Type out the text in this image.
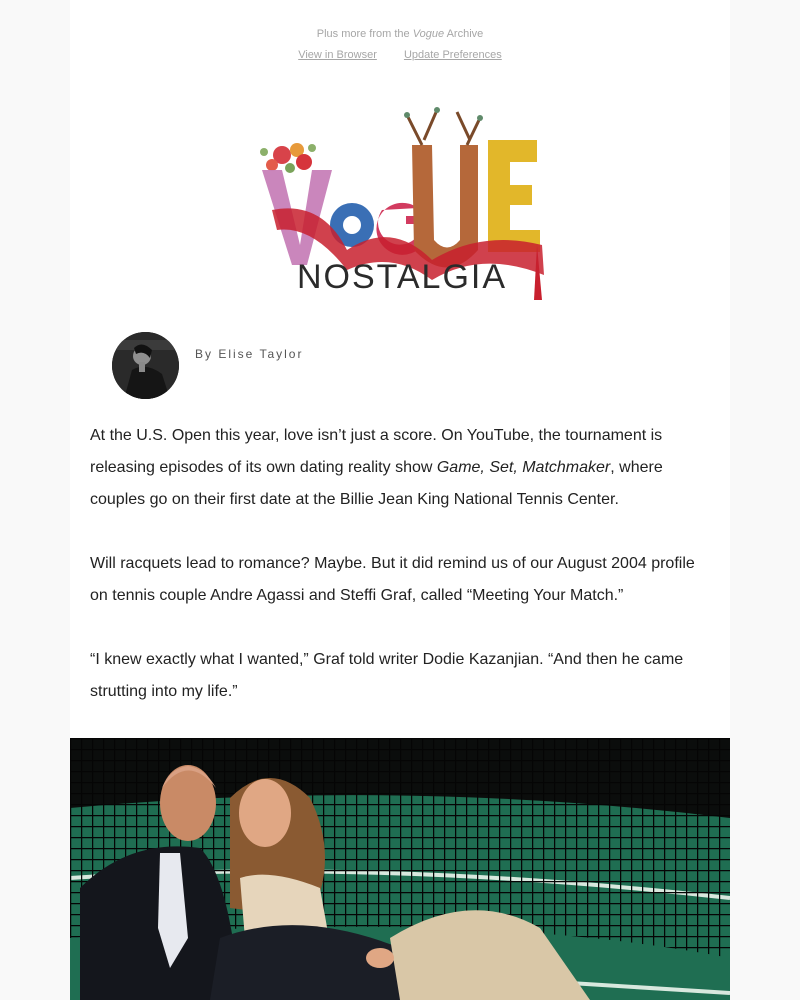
Plus more from the Vogue Archive
View in Browser Update Preferences
NOSTALGIA
By Elise Taylor

At the U.S. Open this year, love isn’t just a score. On YouTube, the tournament is releasing episodes of its own dating reality show Game, Set, Matchmaker, where couples go on their first date at the Billie Jean King National Tennis Center.

Will racquets lead to romance? Maybe. But it did remind us of our August 2004 profile on tennis couple Andre Agassi and Steffi Graf, called “Meeting Your Match.”

“I knew exactly what I wanted,” Graf told writer Dodie Kazanjian. “And then he came strutting into my life.”
